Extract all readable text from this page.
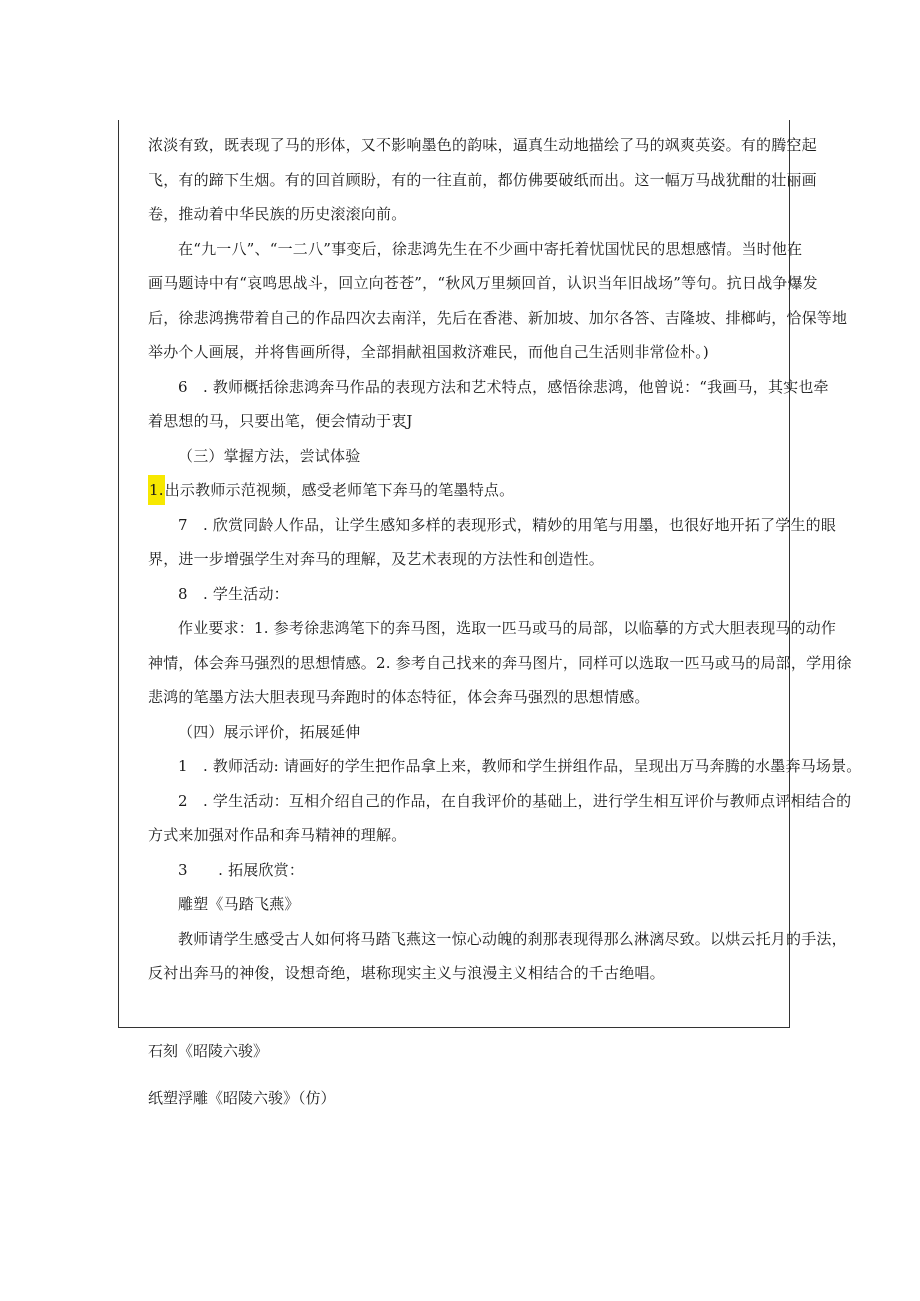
浓淡有致，既表现了马的形体，又不影响墨色的韵味，逼真生动地描绘了马的飒爽英姿。有的腾空起
飞，有的蹄下生烟。有的回首顾盼，有的一往直前，都仿佛要破纸而出。这一幅万马战犹酣的壮丽画
卷，推动着中华民族的历史滚滚向前。
在“九一八”、“一二八”事变后，徐悲鸿先生在不少画中寄托着忧国忧民的思想感情。当时他在
画马题诗中有“哀鸣思战斗，回立向苍苍”，“秋风万里频回首，认识当年旧战场”等句。抗日战争爆发
后，徐悲鸿携带着自己的作品四次去南洋，先后在香港、新加坡、加尔各答、吉隆坡、排榔屿，恰保等地
举办个人画展，并将售画所得，全部捐献祖国救济难民，而他自己生活则非常俭朴。)
6　. 教师概括徐悲鸿奔马作品的表现方法和艺术特点，感悟徐悲鸿，他曾说：“我画马，其实也牵
着思想的马，只要出笔，便会情动于衷J
（三）掌握方法，尝试体验
1.出示教师示范视频，感受老师笔下奔马的笔墨特点。
7　. 欣赏同龄人作品，让学生感知多样的表现形式，精妙的用笔与用墨，也很好地开拓了学生的眼
界，进一步增强学生对奔马的理解，及艺术表现的方法性和创造性。
8　. 学生活动：
作业要求：1. 参考徐悲鸿笔下的奔马图，选取一匹马或马的局部，以临摹的方式大胆表现马的动作
神情，体会奔马强烈的思想情感。2. 参考自己找来的奔马图片，同样可以选取一匹马或马的局部，学用徐
悲鸿的笔墨方法大胆表现马奔跑时的体态特征，体会奔马强烈的思想情感。
（四）展示评价，拓展延伸
1　. 教师活动: 请画好的学生把作品拿上来，教师和学生拼组作品，呈现出万马奔腾的水墨奔马场景。
2　. 学生活动：互相介绍自己的作品，在自我评价的基础上，进行学生相互评价与教师点评相结合的
方式来加强对作品和奔马精神的理解。
3　　. 拓展欣赏：
雕塑《马踏飞燕》
教师请学生感受古人如何将马踏飞燕这一惊心动魄的刹那表现得那么淋漓尽致。以烘云托月的手法，
反衬出奔马的神俊，设想奇绝，堪称现实主义与浪漫主义相结合的千古绝唱。
石刻《昭陵六骏》
纸塑浮雕《昭陵六骏》（仿）
